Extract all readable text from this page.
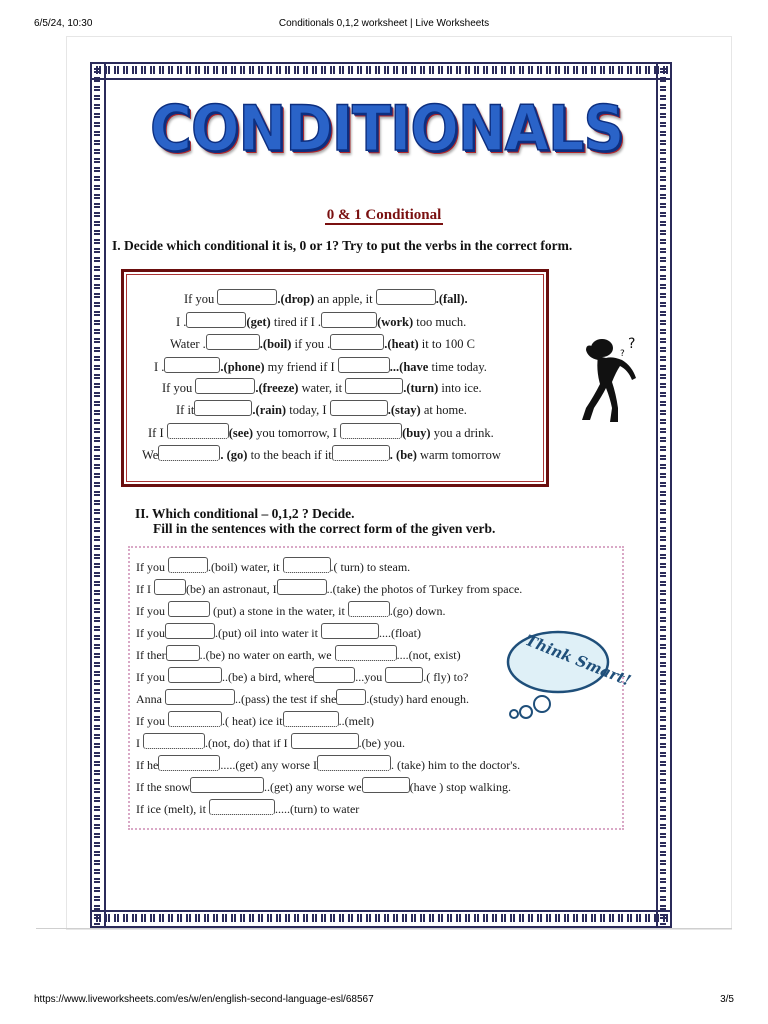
6/5/24, 10:30	Conditionals 0,1,2 worksheet | Live Worksheets
CONDITIONALS
0 & 1 Conditional
I. Decide which conditional it is, 0 or 1? Try to put the verbs in the correct form.
If you	.(drop) an apple, it	.(fall).
I .	(get) tired if I .	(work) too much.
Water .	.(boil) if you .	.(heat) it to 100 C
I .	.(phone) my friend if I	...(have time today.
If you	.(freeze) water, it	.(turn) into ice.
If it	.(rain) today, I	.(stay) at home.
If I	(see) you tomorrow, I	(buy) you a drink.
We	. (go) to the beach if it	. (be) warm tomorrow
?
?
II. Which conditional – 0,1,2 ? Decide.
Fill in the sentences with the correct form of the given verb.
If you	.(boil) water, it	.( turn) to steam.
If I	(be) an astronaut, I	..(take) the photos of Turkey from space.
If you	(put) a stone in the water, it	.(go) down.
If you	.(put) oil into water it	....(float)
If ther	..(be) no water on earth, we	....(not, exist)
If you	..(be) a bird, where	...you	.( fly) to?
Anna	..(pass) the test if she	.(study) hard enough.
If you	.( heat) ice it	..(melt)
I	.(not, do) that if I	.(be) you.
If he	.....(get) any worse I	. (take) him to the doctor's.
If the snow	..(get) any worse we	(have ) stop walking.
If ice (melt), it	.....(turn) to water
Think Smart!
https://www.liveworksheets.com/es/w/en/english-second-language-esl/68567	3/5
